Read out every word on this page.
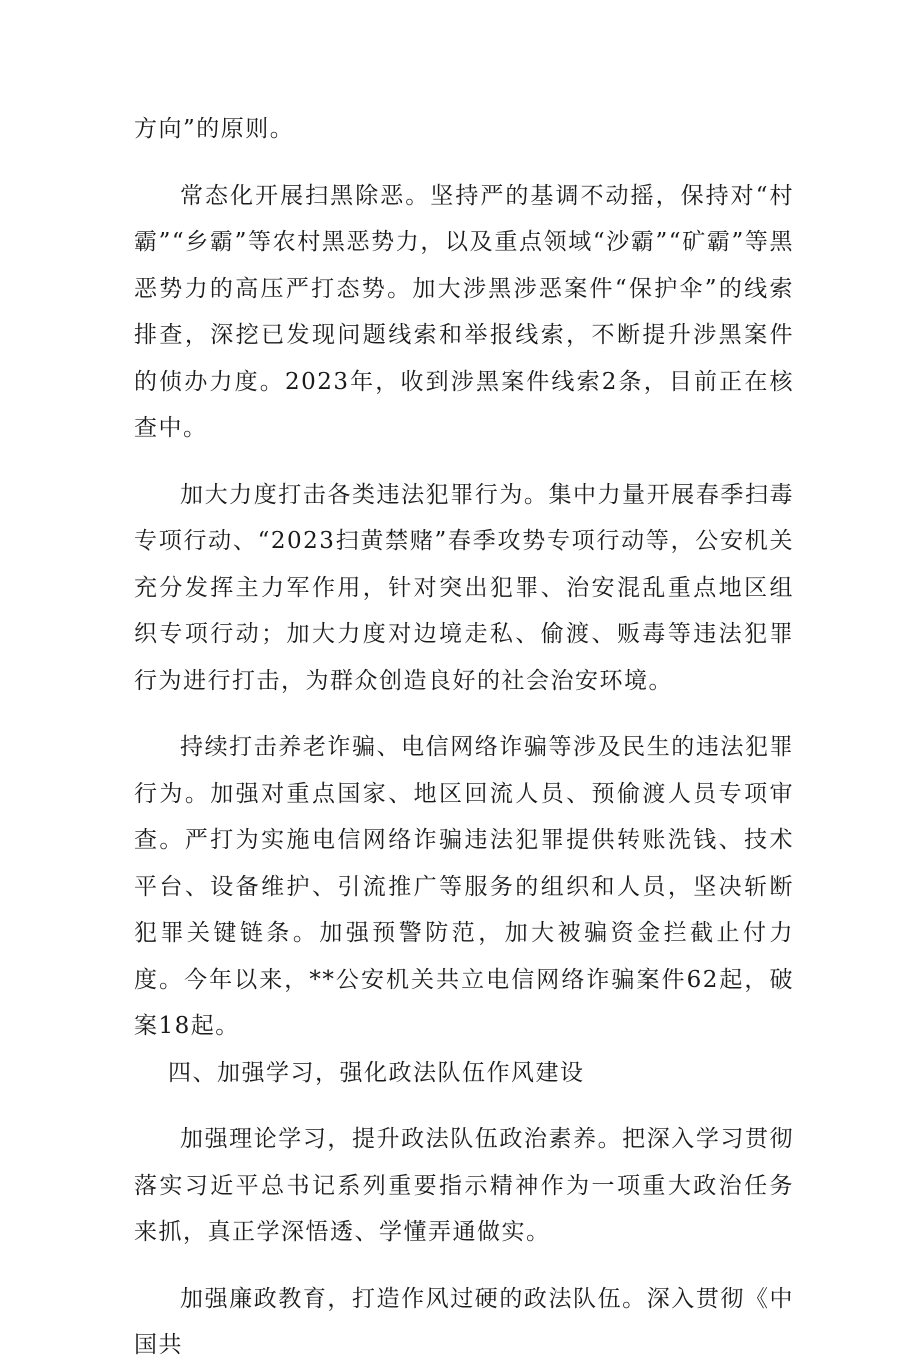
方向”的原则。

常态化开展扫黑除恶。坚持严的基调不动摇，保持对“村霸”“乡霸”等农村黑恶势力，以及重点领域“沙霸”“矿霸”等黑恶势力的高压严打态势。加大涉黑涉恶案件“保护伞”的线索排查，深挖已发现问题线索和举报线索，不断提升涉黑案件的侦办力度。2023年，收到涉黑案件线索2条，目前正在核查中。

加大力度打击各类违法犯罪行为。集中力量开展春季扫毒专项行动、“2023扫黄禁赌”春季攻势专项行动等，公安机关充分发挥主力军作用，针对突出犯罪、治安混乱重点地区组织专项行动；加大力度对边境走私、偷渡、贩毒等违法犯罪行为进行打击，为群众创造良好的社会治安环境。

持续打击养老诈骗、电信网络诈骗等涉及民生的违法犯罪行为。加强对重点国家、地区回流人员、预偷渡人员专项审查。严打为实施电信网络诈骗违法犯罪提供转账洗钱、技术平台、设备维护、引流推广等服务的组织和人员，坚决斩断犯罪关键链条。加强预警防范，加大被骗资金拦截止付力度。今年以来，**公安机关共立电信网络诈骗案件62起，破案18起。

四、加强学习，强化政法队伍作风建设

加强理论学习，提升政法队伍政治素养。把深入学习贯彻落实习近平总书记系列重要指示精神作为一项重大政治任务来抓，真正学深悟透、学懂弄通做实。

加强廉政教育，打造作风过硬的政法队伍。深入贯彻《中国共
